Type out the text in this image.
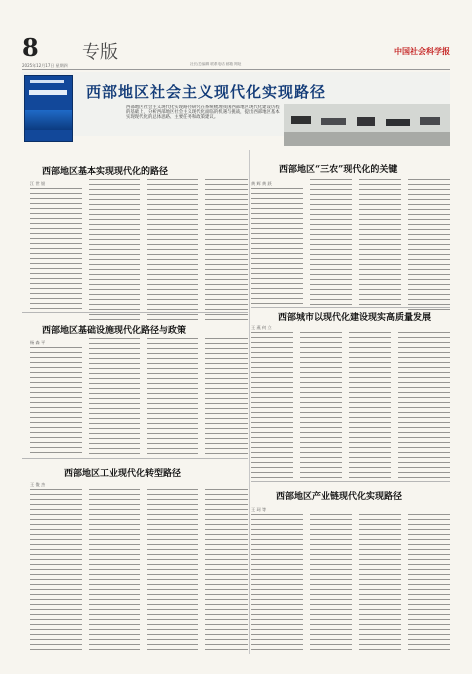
8 专版
2025年12月17日 星期四
中国社会科学报
社长/总编辑 联系电话 邮箱 网址
西部地区社会主义现代化实现路径
西部地区社会主义现代化实现路径研究在系统梳理我国西部地区现代化建设历程的基础上，分析西部地区社会主义现代化面临的机遇与挑战，提出西部地区基本实现现代化的总体思路、主要任务和政策建议。
西部地区基本实现现代化的路径
江 世 银
西部地区“三农”现代化的关键
黄 辉 黄 跃
西部城市以现代化建设现实高质量发展
王 燕 何 立
西部地区基础设施现代化路径与政策
杨 森 平
西部地区工业现代化转型路径
王 俊 杰
西部地区产业链现代化实现路径
王 珂 等
